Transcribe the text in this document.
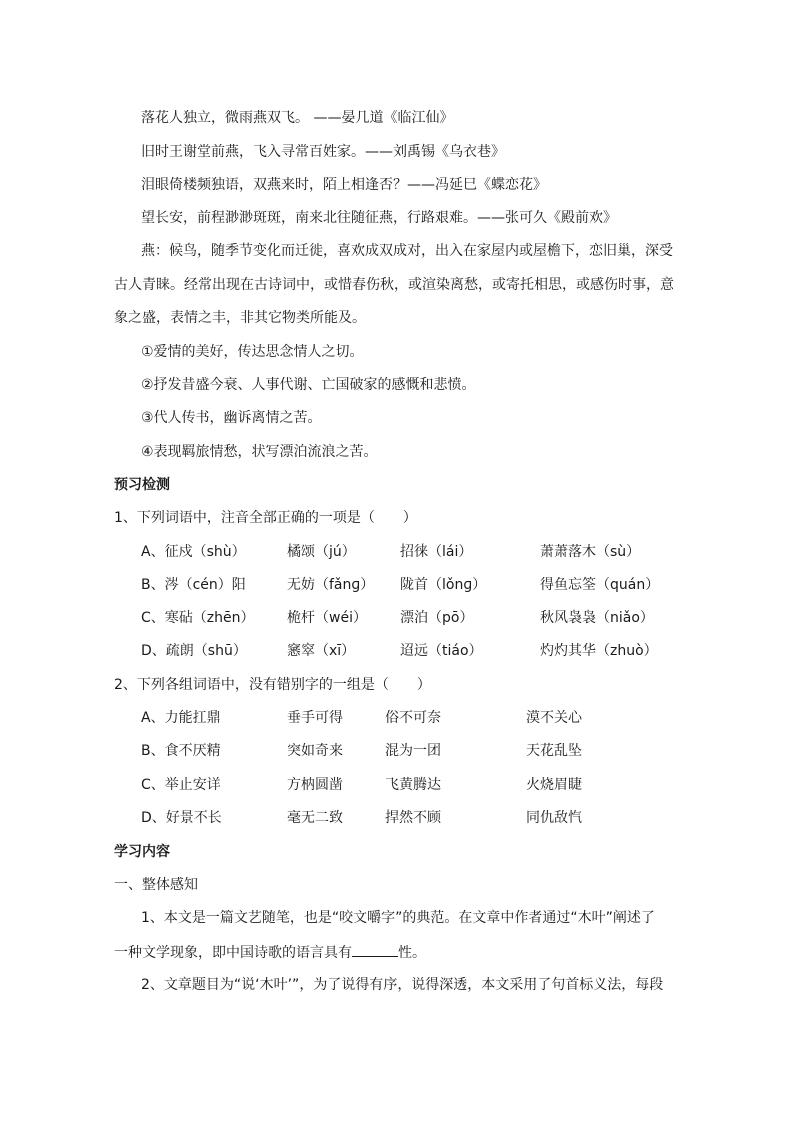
落花人独立，微雨燕双飞。 ——晏几道《临江仙》
旧时王谢堂前燕，飞入寻常百姓家。——刘禹锡《乌衣巷》
泪眼倚楼频独语，双燕来时，陌上相逢否？——冯延巳《蝶恋花》
望长安，前程渺渺斑斑，南来北往随征燕，行路艰难。——张可久《殿前欢》
燕：候鸟，随季节变化而迁徙，喜欢成双成对，出入在家屋内或屋檐下，恋旧巢，深受
古人青睐。经常出现在古诗词中，或惜春伤秋，或渲染离愁，或寄托相思，或感伤时事，意
象之盛，表情之丰，非其它物类所能及。
①爱情的美好，传达思念情人之切。
②抒发昔盛今衰、人事代谢、亡国破家的感慨和悲愤。
③代人传书，幽诉离情之苦。
④表现羁旅情愁，状写漂泊流浪之苦。
预习检测
1、下列词语中，注音全部正确的一项是（　　）
A、征戍（shù）	橘颂（jú）	招徕（lái）	萧萧落木（sù）
B、涔（cén）阳	无妨（fǎnɡ） 陇首（lǒnɡ）	得鱼忘筌（quán）
C、寒砧（zhēn） 桅杆（wéi） 漂泊（pō）	秋风袅袅（niǎo）
D、疏朗（shū）	窸窣（xī）	迢远（tiáo）	灼灼其华（zhuò）
2、下列各组词语中，没有错别字的一组是（　　）
A、力能扛鼎	垂手可得	俗不可奈	漠不关心
B、食不厌精	突如奇来	混为一团	天花乱坠
C、举止安详	方枘圆凿	飞黄腾达	火烧眉睫
D、好景不长	毫无二致	捍然不顾	同仇敌忾
学习内容
一、整体感知
1、本文是一篇文艺随笔，也是“咬文嚼字”的典范。在文章中作者通过“木叶”阐述了
一种文学现象，即中国诗歌的语言具有	性。
2、文章题目为“说‘木叶’”，为了说得有序，说得深透，本文采用了句首标义法，每段
